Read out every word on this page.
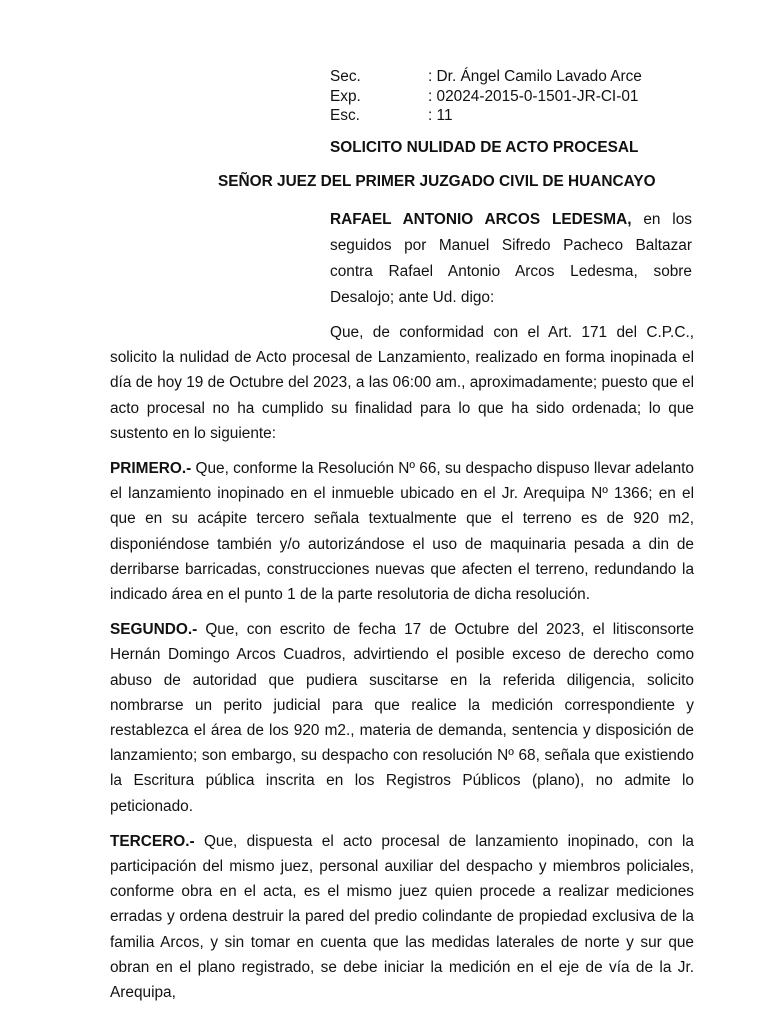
Sec.	: Dr. Ángel Camilo Lavado Arce
Exp.	: 02024-2015-0-1501-JR-CI-01
Esc.	: 11
SOLICITO NULIDAD DE ACTO PROCESAL
SEÑOR JUEZ DEL PRIMER JUZGADO CIVIL DE HUANCAYO
RAFAEL ANTONIO ARCOS LEDESMA, en los seguidos por Manuel Sifredo Pacheco Baltazar contra Rafael Antonio Arcos Ledesma, sobre Desalojo; ante Ud. digo:

Que, de conformidad con el Art. 171 del C.P.C., solicito la nulidad de Acto procesal de Lanzamiento, realizado en forma inopinada el día de hoy 19 de Octubre del 2023, a las 06:00 am., aproximadamente; puesto que el acto procesal no ha cumplido su finalidad para lo que ha sido ordenada; lo que sustento en lo siguiente:

PRIMERO.- Que, conforme la Resolución Nº 66, su despacho dispuso llevar adelanto el lanzamiento inopinado en el inmueble ubicado en el Jr. Arequipa Nº 1366; en el que en su acápite tercero señala textualmente que el terreno es de 920 m2, disponiéndose también y/o autorizándose el uso de maquinaria pesada a din de derribarse barricadas, construcciones nuevas que afecten el terreno, redundando la indicado área en el punto 1 de la parte resolutoria de dicha resolución.

SEGUNDO.- Que, con escrito de fecha 17 de Octubre del 2023, el litisconsorte Hernán Domingo Arcos Cuadros, advirtiendo el posible exceso de derecho como abuso de autoridad que pudiera suscitarse en la referida diligencia, solicito nombrarse un perito judicial para que realice la medición correspondiente y restablezca el área de los 920 m2., materia de demanda, sentencia y disposición de lanzamiento; son embargo, su despacho con resolución Nº 68, señala que existiendo la Escritura pública inscrita en los Registros Públicos (plano), no admite lo peticionado.

TERCERO.- Que, dispuesta el acto procesal de lanzamiento inopinado, con la participación del mismo juez, personal auxiliar del despacho y miembros policiales, conforme obra en el acta, es el mismo juez quien procede a realizar mediciones erradas y ordena destruir la pared del predio colindante de propiedad exclusiva de la familia Arcos, y sin tomar en cuenta que las medidas laterales de norte y sur que obran en el plano registrado, se debe iniciar la medición en el eje de vía de la Jr. Arequipa,
